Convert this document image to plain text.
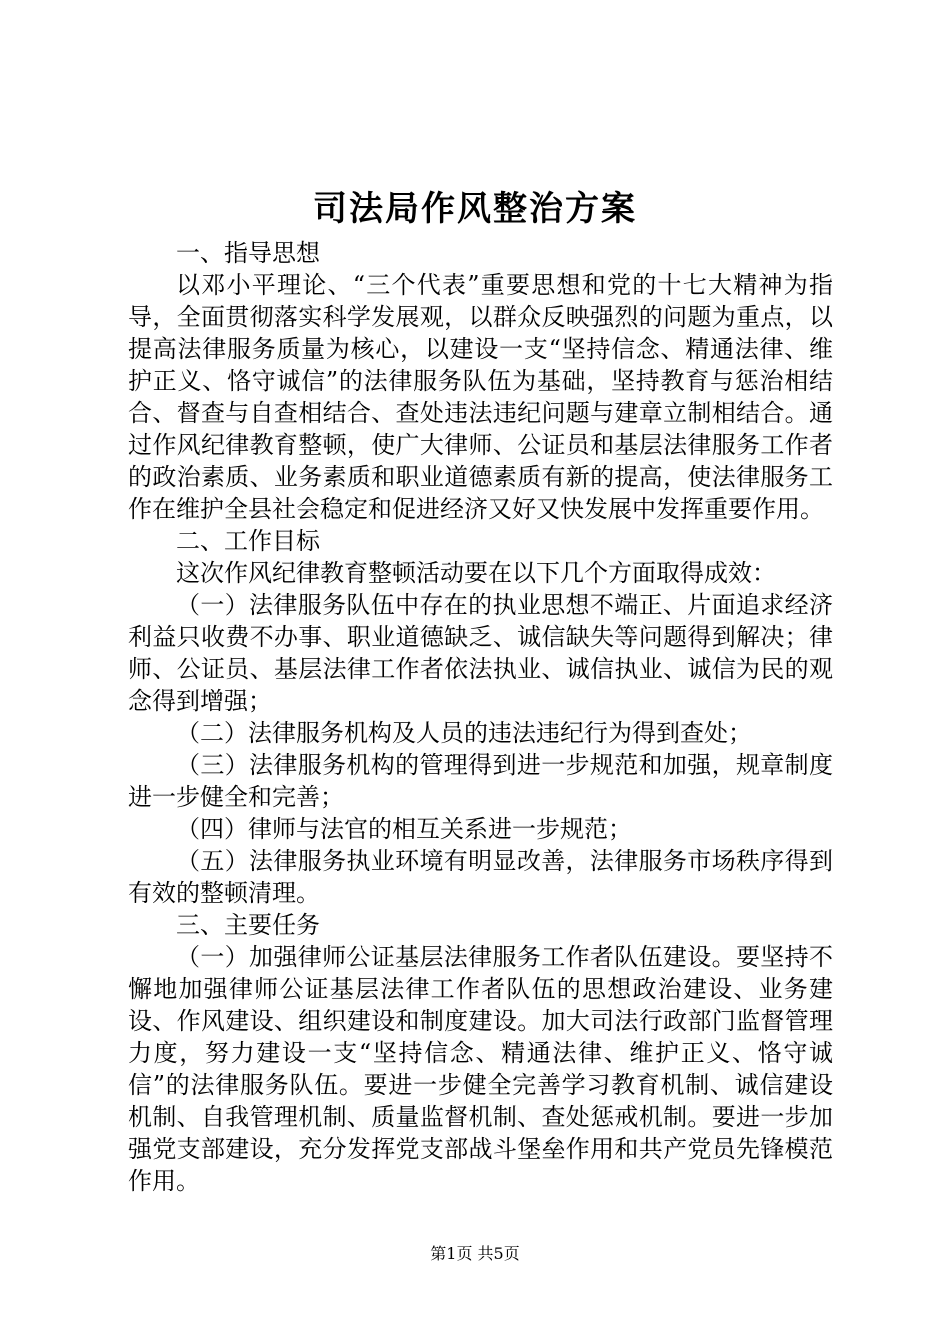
司法局作风整治方案

一、指导思想

以邓小平理论、“三个代表”重要思想和党的十七大精神为指导，全面贯彻落实科学发展观，以群众反映强烈的问题为重点，以提高法律服务质量为核心，以建设一支“坚持信念、精通法律、维护正义、恪守诚信”的法律服务队伍为基础，坚持教育与惩治相结合、督查与自查相结合、查处违法违纪问题与建章立制相结合。通过作风纪律教育整顿，使广大律师、公证员和基层法律服务工作者的政治素质、业务素质和职业道德素质有新的提高，使法律服务工作在维护全县社会稳定和促进经济又好又快发展中发挥重要作用。

二、工作目标

这次作风纪律教育整顿活动要在以下几个方面取得成效：

（一）法律服务队伍中存在的执业思想不端正、片面追求经济利益只收费不办事、职业道德缺乏、诚信缺失等问题得到解决；律师、公证员、基层法律工作者依法执业、诚信执业、诚信为民的观念得到增强；

（二）法律服务机构及人员的违法违纪行为得到查处；

（三）法律服务机构的管理得到进一步规范和加强，规章制度进一步健全和完善；

（四）律师与法官的相互关系进一步规范；

（五）法律服务执业环境有明显改善，法律服务市场秩序得到有效的整顿清理。

三、主要任务

（一）加强律师公证基层法律服务工作者队伍建设。要坚持不懈地加强律师公证基层法律工作者队伍的思想政治建设、业务建设、作风建设、组织建设和制度建设。加大司法行政部门监督管理力度，努力建设一支“坚持信念、精通法律、维护正义、恪守诚信”的法律服务队伍。要进一步健全完善学习教育机制、诚信建设机制、自我管理机制、质量监督机制、查处惩戒机制。要进一步加强党支部建设，充分发挥党支部战斗堡垒作用和共产党员先锋模范作用。

第1页 共5页
